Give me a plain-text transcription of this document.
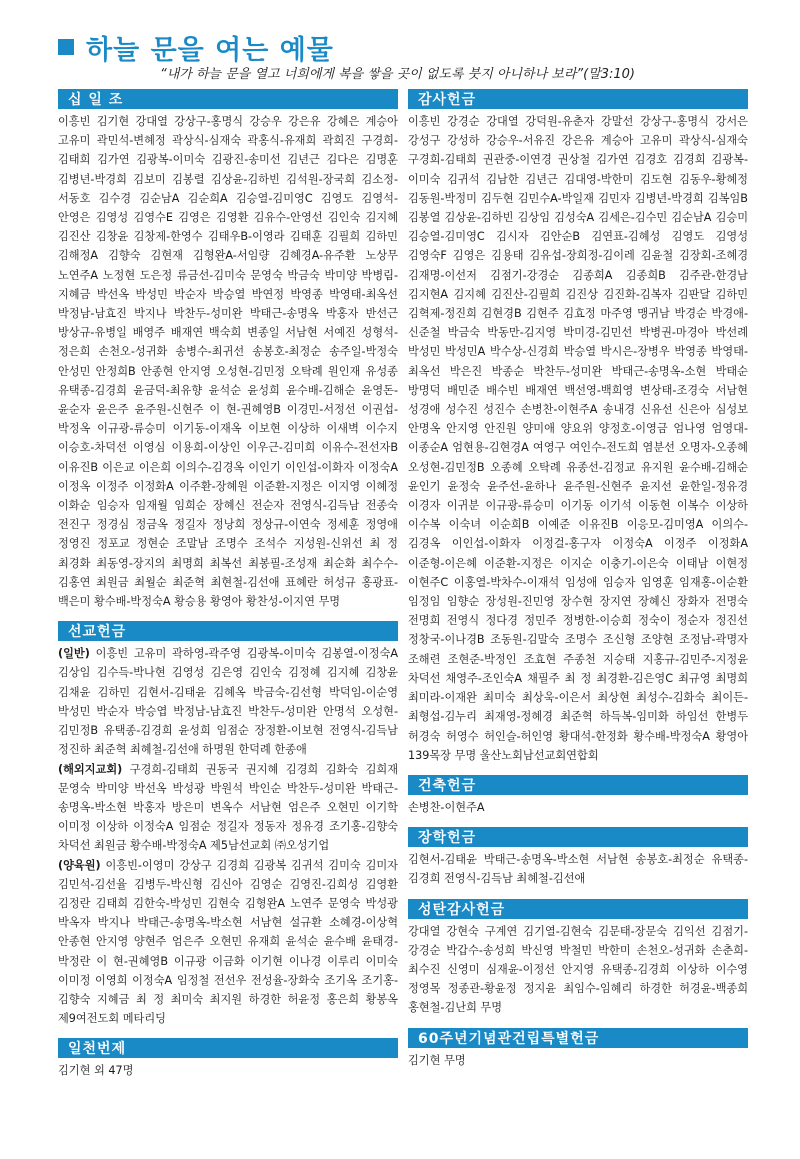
하늘 문을 여는 예물
“내가 하늘 문을 열고 너희에게 복을 쌓을 곳이 없도록 붓지 아니하나 보라”(말3:10)
십 일 조
이흥빈 김기현 강대열 강상구-홍명식 강승우 강은유 강혜은 계승아 고유미 곽민석-변혜정 곽상식-심재숙 곽홍식-유재희 곽희진 구경희-김태희 김가연 김광복-이미숙 김광진-송미선 김년근 김다은 김명훈 김병년-박경희 김보미 김봉렬 김상윤-김하빈 김석원-장국희 김소정-서동호 김수경 김순남A 김순희A 김승열-김미영C 김영도 김영석-안영은 김영성 김영수E 김영은 김영환 김유수-안영선 김인숙 김지혜 김진산 김창윤 김창제-한영수 김태우B-이영라 김태훈 김필희 김하민 김해정A 김향숙 김현재 김형완A-서임량 김혜경A-유주환 노상무 노연주A 노정현 도은정 류금선-김미숙 문영숙 박금숙 박미양 박병림-지혜금 박선옥 박성민 박순자 박승열 박연정 박영종 박영태-최옥선 박정남-남효진 박지나 박찬두-성미완 박태근-송명옥 박홍자 반선근 방상규-유병일 배영주 배재연 백숙희 변종일 서남현 서예진 성형석-정은희 손천오-성귀화 송병수-최귀선 송봉호-최정순 송주일-박정숙 안성민 안정희B 안종현 안지영 오성현-김민정 오탁례 원인재 유성종 유택종-김경희 윤금덕-최유향 윤석순 윤성희 윤수배-김해순 윤영돈-윤순자 윤은주 윤주원-신현주 이 현-권혜영B 이경민-서정선 이권섭-박정옥 이규광-류승미 이기동-이재옥 이보현 이상하 이새벽 이수지 이승호-차덕선 이영심 이용희-이상인 이우근-김미희 이유수-전선자B 이유진B 이은교 이은희 이의수-김경옥 이인기 이인섭-이화자 이정숙A 이정옥 이정주 이정화A 이주환-장혜원 이준환-지정은 이지영 이혜정 이화순 임승자 임재월 임희순 장혜신 전순자 전영식-김득남 전종숙 전진구 정경심 정금옥 정길자 정낭희 정상규-이연숙 정세훈 정영애 정영진 정포교 정현순 조말남 조명수 조석수 지성원-신위선 최 정 최경화 최동영-장지의 최명희 최복선 최봉필-조성재 최순화 최수수-김홍연 최원금 최월순 최준혁 최현철-김선애 표혜란 허성규 홍광표-백은미 황수배-박정숙A 황승용 황영아 황찬성-이지연 무명
선교헌금

(일반) 이흥빈 고유미 곽하영-곽주영 김광복-이미숙 김봉열-이정숙A 김상임 김수득-박나현 김영성 김은영 김인숙 김정혜 김지혜 김창윤 김채윤 김하민 김현서-김태윤 김혜옥 박금숙-김선형 박덕임-이순영 박성민 박순자 박승엽 박정남-남효진 박찬두-성미완 안명석 오성현-김민정B 유택종-김경희 윤성희 임점순 장정환-이보현 전영식-김득남 정진하 최준혁 최혜철-김선애 하명원 한덕례 한종애

(해외지교회) 구경희-김태희 권동국 권지혜 김경희 김화숙 김희재 문영숙 박미양 박선옥 박성광 박원석 박인순 박찬두-성미완 박태근-송명옥-박소현 박홍자 방은미 변옥수 서남현 엄은주 오현민 이기학 이미정 이상하 이정숙A 임점순 정길자 정동자 정유경 조기홍-김향숙 차덕선 최원금 황수배-박정숙A 제5남선교회 ㈜오성기업

(양육원) 이흥빈-이영미 강상구 김경희 김광복 김귀석 김미숙 김미자 김민석-김선율 김병두-박신형 김신아 김영순 김영진-김희성 김영환 김정란 김태희 김한숙-박성민 김현숙 김형완A 노연주 문영숙 박성광 박옥자 박지나 박태근-송명옥-박소현 서남현 설규환 소혜경-이상혁 안종현 안지영 양현주 엄은주 오현민 유재희 윤석순 윤수배 윤태경-박정란 이 현-권혜영B 이규광 이금화 이기현 이나경 이루리 이미숙 이미정 이영희 이정숙A 임정철 전선우 전성율-장화숙 조기옥 조기홍-김향숙 지혜금 최 정 최미숙 최지원 하경한 허윤정 홍은희 황봉옥 제9여전도회 메타리딩

일천번제
김기현 외 47명
감사헌금
이흥빈 강경순 강대열 강덕원-유춘자 강말선 강상구-홍명식 강서은 강성구 강성하 강승우-서유진 강은유 계승아 고유미 곽상식-심재숙 구경희-김태희 권관중-이연경 권상철 김가연 김경호 김경희 김광복-이미숙 김귀석 김남한 김년근 김대영-박한미 김도현 김동우-황혜정 김동원-박정미 김두현 김민수A-박일재 김민자 김병년-박경희 김복임B 김봉열 김상윤-김하빈 김상임 김성숙A 김세은-김수민 김순남A 김승미 김승열-김미영C 김시자 김안순B 김연표-김혜성 김영도 김영성 김영숙F 김영은 김용태 김유섭-장희정-김이레 김윤철 김장회-조혜경 김재명-이선저 김점기-강경순 김종희A 김종희B 김주관-한경남 김지현A 김지혜 김진산-김필희 김진상 김진화-김복자 김판달 김하민 김혁제-정진희 김현경B 김현주 김효정 마주영 맹귀남 박경순 박경애-신준철 박금숙 박동만-김지영 박미경-김민선 박병권-마경아 박선례 박성민 박성민A 박수상-신경희 박승열 박시은-장병우 박영종 박영태-최옥선 박은진 박종순 박찬두-성미완 박태근-송명옥-소현 박태순 방명덕 배민준 배수빈 배재연 백선영-백희영 변상태-조경숙 서남현 성경애 성수진 성진수 손병찬-이현주A 송내경 신유선 신은아 심성보 안명옥 안지영 안진원 양미애 양요위 양정호-이영금 엄나영 엄영대-이종순A 엄현용-김현경A 여영구 여인수-전도희 염분선 오명자-오종혜 오성현-김민정B 오종혜 오탁례 유종선-김정교 유지원 윤수배-김해순 윤인기 윤정숙 윤주선-윤하나 윤주원-신현주 윤지선 윤한일-정유경 이경자 이귀분 이규광-류승미 이기동 이기석 이동현 이복수 이상하 이수복 이숙녀 이순희B 이예준 이유진B 이응모-김미영A 이의수-김경옥 이인섭-이화자 이정걸-홍구자 이정숙A 이정주 이정화A 이준형-이은혜 이준환-지정은 이지순 이충기-이은숙 이태남 이현정 이현주C 이홍열-박차수-이재석 임성애 임승자 임영훈 임재홍-이순환 임정임 임향순 장성원-진민영 장수현 장지연 장혜신 장화자 전명숙 전명희 전영식 정다경 정민주 정병한-이승희 정숙이 정순자 정진선 정창국-이나경B 조동원-김말숙 조명수 조신형 조양현 조정남-곽명자 조해련 조현준-박정인 조효현 주종천 지승태 지홍규-김민주-지정윤 차덕선 채영주-조인숙A 채필주 최 정 최경환-김은영C 최규영 최명희 최미라-이재완 최미숙 최상욱-이은서 최상현 최성수-김화숙 최이든-최형섭-김누리 최재영-정혜경 최준혁 하득복-임미화 하임선 한병두 허경숙 허영수 허인슬-허인영 황대석-한정화 황수배-박정숙A 황영아 139목장 무명 울산노회남선교회연합회
건축헌금
손병찬-이현주A
장학헌금
김현서-김태윤 박태근-송명옥-박소현 서남현 송봉호-최정순 유택종-김경희 전영식-김득남 최혜철-김선애
성탄감사헌금
강대열 강현숙 구계연 김기열-김현숙 김문태-장문숙 김익선 김점기-강경순 박갑수-송성희 박신영 박철민 박한미 손천오-성귀화 손춘희-최수진 신영미 심재윤-이정선 안지영 유택종-김경희 이상하 이수영 정영목 정종관-황윤정 정지윤 최임수-임혜리 하경한 허경윤-백종희 홍현철-김난희 무명
60주년기념관건립특별헌금
김기현 무명
